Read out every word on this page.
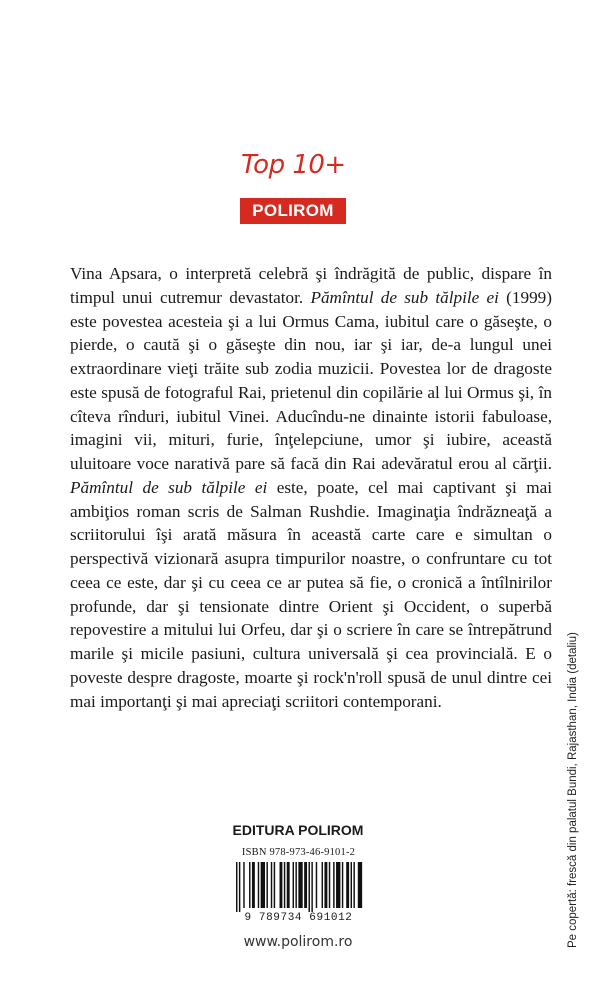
Top 10+
POLIROM

Vina Apsara, o interpretă celebră şi îndrăgită de public, dispare în timpul unui cutremur devastator. Pămîntul de sub tălpile ei (1999) este povestea acesteia şi a lui Ormus Cama, iubitul care o găseşte, o pierde, o caută şi o găseşte din nou, iar şi iar, de-a lungul unei extraordinare vieţi trăite sub zodia muzicii. Povestea lor de dragoste este spusă de fotograful Rai, prietenul din copilărie al lui Ormus şi, în cîteva rînduri, iubitul Vinei. Aducîndu-ne dinainte istorii fabuloase, imagini vii, mituri, furie, înţelepciune, umor şi iubire, această uluitoare voce narativă pare să facă din Rai adevăratul erou al cărţii. Pămîntul de sub tălpile ei este, poate, cel mai captivant şi mai ambiţios roman scris de Salman Rushdie. Imaginaţia îndrăzneaţă a scriitorului îşi arată măsura în această carte care e simultan o perspectivă vizionară asupra timpurilor noastre, o confruntare cu tot ceea ce este, dar şi cu ceea ce ar putea să fie, o cronică a întîlnirilor profunde, dar şi tensionate dintre Orient şi Occident, o superbă repovestire a mitului lui Orfeu, dar şi o scriere în care se întrepătrund marile şi micile pasiuni, cultura universală şi cea provincială. E o poveste despre dragoste, moarte şi rock'n'roll spusă de unul dintre cei mai importanţi şi mai apreciaţi scriitori contemporani.

EDITURA POLIROM
ISBN 978-973-46-9101-2
9 789734 691012
www.polirom.ro	Pe copertă: frescă din palatul Bundi, Rajasthan, India (detaliu)
